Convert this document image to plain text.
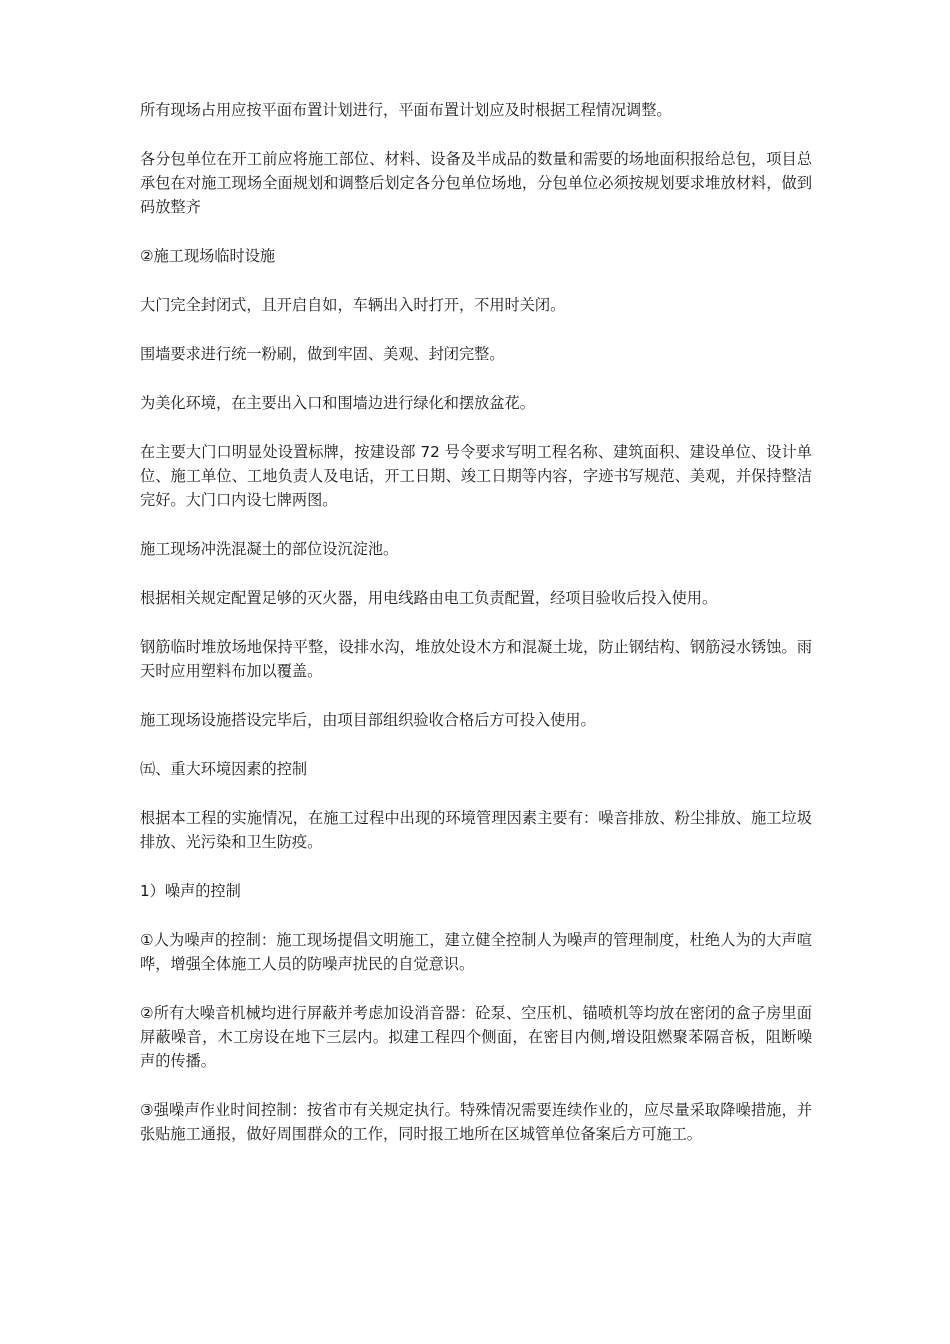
所有现场占用应按平面布置计划进行，平面布置计划应及时根据工程情况调整。

各分包单位在开工前应将施工部位、材料、设备及半成品的数量和需要的场地面积报给总包，项目总承包在对施工现场全面规划和调整后划定各分包单位场地，分包单位必须按规划要求堆放材料，做到码放整齐

②施工现场临时设施

大门完全封闭式，且开启自如，车辆出入时打开，不用时关闭。

围墙要求进行统一粉刷，做到牢固、美观、封闭完整。

为美化环境，在主要出入口和围墙边进行绿化和摆放盆花。

在主要大门口明显处设置标牌，按建设部 72 号令要求写明工程名称、建筑面积、建设单位、设计单位、施工单位、工地负责人及电话，开工日期、竣工日期等内容，字迹书写规范、美观，并保持整洁完好。大门口内设七牌两图。

施工现场冲洗混凝土的部位设沉淀池。

根据相关规定配置足够的灭火器，用电线路由电工负责配置，经项目验收后投入使用。

钢筋临时堆放场地保持平整，设排水沟，堆放处设木方和混凝土垅，防止钢结构、钢筋浸水锈蚀。雨天时应用塑料布加以覆盖。

施工现场设施搭设完毕后，由项目部组织验收合格后方可投入使用。

㈤、重大环境因素的控制

根据本工程的实施情况，在施工过程中出现的环境管理因素主要有：噪音排放、粉尘排放、施工垃圾排放、光污染和卫生防疫。

1）噪声的控制

①人为噪声的控制：施工现场提倡文明施工，建立健全控制人为噪声的管理制度，杜绝人为的大声喧哗，增强全体施工人员的防噪声扰民的自觉意识。

②所有大噪音机械均进行屏蔽并考虑加设消音器：砼泵、空压机、锚喷机等均放在密闭的盒子房里面屏蔽噪音，木工房设在地下三层内。拟建工程四个侧面，在密目内侧,增设阻燃聚苯隔音板，阻断噪声的传播。

③强噪声作业时间控制：按省市有关规定执行。特殊情况需要连续作业的，应尽量采取降噪措施，并张贴施工通报，做好周围群众的工作，同时报工地所在区城管单位备案后方可施工。
